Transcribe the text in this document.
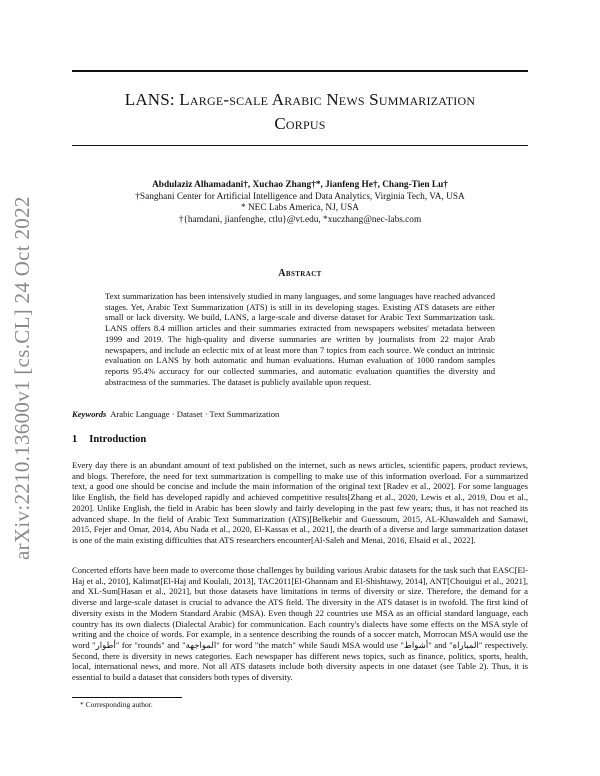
arXiv:2210.13600v1 [cs.CL] 24 Oct 2022
LANS: Large-scale Arabic News Summarization
Corpus
Abdulaziz Alhamadani†, Xuchao Zhang†*, Jianfeng He†, Chang-Tien Lu†
†Sanghani Center for Artificial Intelligence and Data Analytics, Virginia Tech, VA, USA
* NEC Labs America, NJ, USA
†{hamdani, jianfenghe, ctlu}@vt.edu, *xuczhang@nec-labs.com
Abstract
Text summarization has been intensively studied in many languages, and some languages have reached advanced stages. Yet, Arabic Text Summarization (ATS) is still in its developing stages. Existing ATS datasets are either small or lack diversity. We build, LANS, a large-scale and diverse dataset for Arabic Text Summarization task. LANS offers 8.4 million articles and their summaries extracted from newspapers websites' metadata between 1999 and 2019. The high-quality and diverse summaries are written by journalists from 22 major Arab newspapers, and include an eclectic mix of at least more than 7 topics from each source. We conduct an intrinsic evaluation on LANS by both automatic and human evaluations. Human evaluation of 1000 random samples reports 95.4% accuracy for our collected summaries, and automatic evaluation quantifies the diversity and abstractness of the summaries. The dataset is publicly available upon request.
Keywords Arabic Language · Dataset · Text Summarization
1 Introduction
Every day there is an abundant amount of text published on the internet, such as news articles, scientific papers, product reviews, and blogs. Therefore, the need for text summarization is compelling to make use of this information overload. For a summarized text, a good one should be concise and include the main information of the original text [Radev et al., 2002]. For some languages like English, the field has developed rapidly and achieved competitive results[Zhang et al., 2020, Lewis et al., 2019, Dou et al., 2020]. Unlike English, the field in Arabic has been slowly and fairly developing in the past few years; thus, it has not reached its advanced shape. In the field of Arabic Text Summarization (ATS)[Belkebir and Guessoum, 2015, AL-Khawaldeh and Samawi, 2015, Fejer and Omar, 2014, Abu Nada et al., 2020, El-Kassas et al., 2021], the dearth of a diverse and large summarization dataset is one of the main existing difficulties that ATS researchers encounter[Al-Saleh and Menai, 2016, Elsaid et al., 2022].
Concerted efforts have been made to overcome those challenges by building various Arabic datasets for the task such that EASC[El-Haj et al., 2010], Kalimat[El-Haj and Koulali, 2013], TAC2011[El-Ghannam and El-Shishtawy, 2014], ANT[Chouigui et al., 2021], and XL-Sum[Hasan et al., 2021], but those datasets have limitations in terms of diversity or size. Therefore, the demand for a diverse and large-scale dataset is crucial to advance the ATS field. The diversity in the ATS dataset is in twofold. The first kind of diversity exists in the Modern Standard Arabic (MSA). Even though 22 countries use MSA as an official standard language, each country has its own dialects (Dialectal Arabic) for communication. Each country's dialects have some effects on the MSA style of writing and the choice of words. For example, in a sentence describing the rounds of a soccer match, Morrocan MSA would use the word "أطوار" for "rounds" and "المواجهة" for word "the match" while Saudi MSA would use "أشواط" and "المباراة" respectively. Second, there is diversity in news categories. Each newspaper has different news topics, such as finance, politics, sports, health, local, international news, and more. Not all ATS datasets include both diversity aspects in one dataset (see Table 2). Thus, it is essential to build a dataset that considers both types of diversity.
* Corresponding author.
